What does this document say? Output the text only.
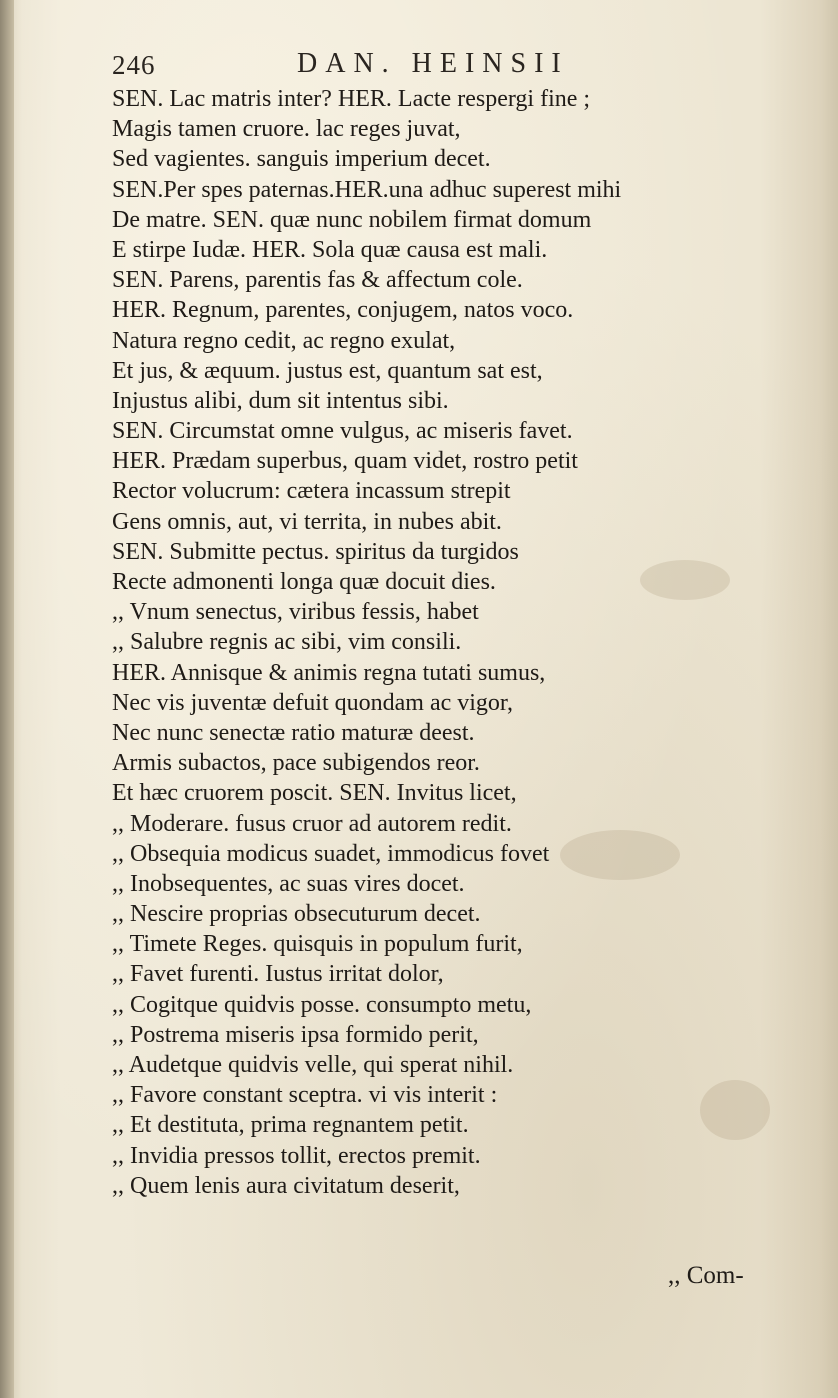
246	DAN. HEINSII
SEN. Lac matris inter? HER. Lacte respergi fine ;
Magis tamen cruore. lac reges juvat,
Sed vagientes. sanguis imperium decet.
SEN.Per spes paternas.HER.una adhuc superest mihi
De matre. SEN. quæ nunc nobilem firmat domum
E stirpe Iudæ. HER. Sola quæ causa est mali.
SEN. Parens, parentis fas & affectum cole.
HER. Regnum, parentes, conjugem, natos voco.
Natura regno cedit, ac regno exulat,
Et jus, & æquum. justus est, quantum sat est,
Injustus alibi, dum sit intentus sibi.
SEN. Circumstat omne vulgus, ac miseris favet.
HER. Prædam superbus, quam videt, rostro petit
Rector volucrum: cætera incassum strepit
Gens omnis, aut, vi territa, in nubes abit.
SEN. Submitte pectus. spiritus da turgidos
Recte admonenti longa quæ docuit dies.
,, Vnum senectus, viribus fessis, habet
,, Salubre regnis ac sibi, vim consili.
HER. Annisque & animis regna tutati sumus,
Nec vis juventæ defuit quondam ac vigor,
Nec nunc senectæ ratio maturæ deest.
Armis subactos, pace subigendos reor.
Et hæc cruorem poscit. SEN. Invitus licet,
,, Moderare. fusus cruor ad autorem redit.
,, Obsequia modicus suadet, immodicus fovet
,, Inobsequentes, ac suas vires docet.
,, Nescire proprias obsecuturum decet.
,, Timete Reges. quisquis in populum furit,
,, Favet furenti. Iustus irritat dolor,
,, Cogitque quidvis posse. consumpto metu,
,, Postrema miseris ipsa formido perit,
,, Audetque quidvis velle, qui sperat nihil.
,, Favore constant sceptra. vi vis interit :
,, Et destituta, prima regnantem petit.
,, Invidia pressos tollit, erectos premit.
,, Quem lenis aura civitatum deserit,
,, Com-
